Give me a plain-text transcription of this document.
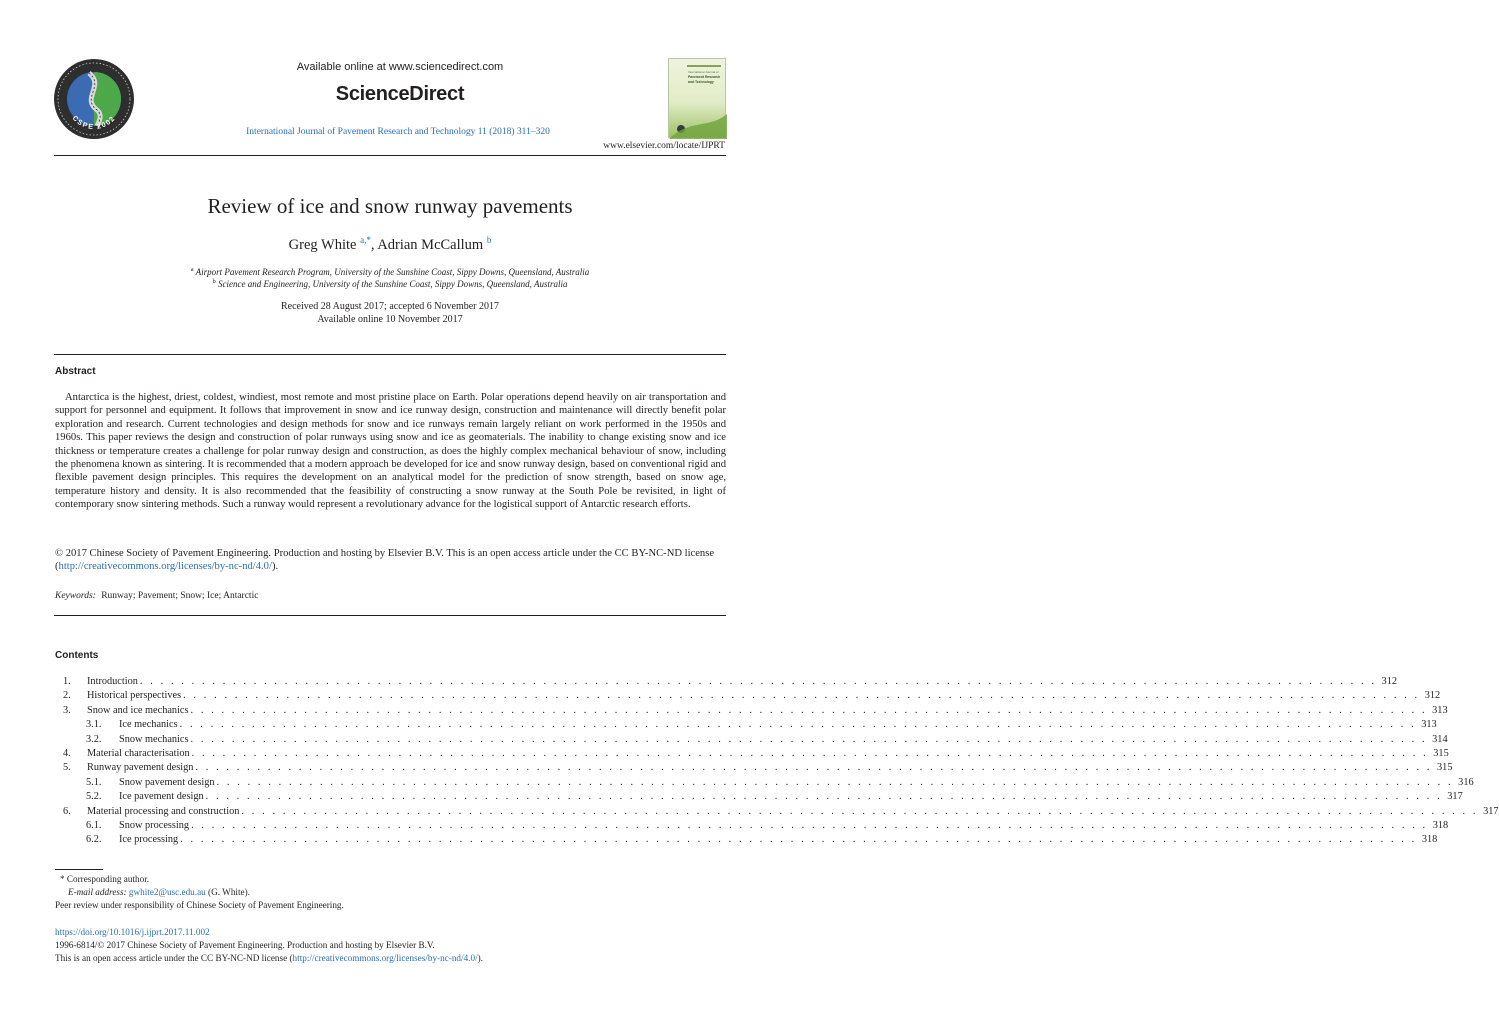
CSPE 2002
Available online at www.sciencedirect.com
ScienceDirect
International Journal of Pavement Research and Technology 11 (2018) 311–320
International Journal of
Pavement Research
and Technology
www.elsevier.com/locate/IJPRT
Review of ice and snow runway pavements
Greg White $^{a,*}$, Adrian McCallum $^b$
$^a$ Airport Pavement Research Program, University of the Sunshine Coast, Sippy Downs, Queensland, Australia
$^b$ Science and Engineering, University of the Sunshine Coast, Sippy Downs, Queensland, Australia
Received 28 August 2017; accepted 6 November 2017
Available online 10 November 2017
Abstract
Antarctica is the highest, driest, coldest, windiest, most remote and most pristine place on Earth. Polar operations depend heavily on air transportation and support for personnel and equipment. It follows that improvement in snow and ice runway design, construction and maintenance will directly benefit polar exploration and research. Current technologies and design methods for snow and ice runways remain largely reliant on work performed in the 1950s and 1960s. This paper reviews the design and construction of polar runways using snow and ice as geomaterials. The inability to change existing snow and ice thickness or temperature creates a challenge for polar runway design and construction, as does the highly complex mechanical behaviour of snow, including the phenomena known as sintering. It is recommended that a modern approach be developed for ice and snow runway design, based on conventional rigid and flexible pavement design principles. This requires the development on an analytical model for the prediction of snow strength, based on snow age, temperature history and density. It is also recommended that the feasibility of constructing a snow runway at the South Pole be revisited, in light of contemporary snow sintering methods. Such a runway would represent a revolutionary advance for the logistical support of Antarctic research efforts.
© 2017 Chinese Society of Pavement Engineering. Production and hosting by Elsevier B.V. This is an open access article under the CC BY-NC-ND license (http://creativecommons.org/licenses/by-nc-nd/4.0/).
Keywords: Runway; Pavement; Snow; Ice; Antarctic
Contents
1.	Introduction . . . . . . . . . . . . . . . . . . . . . . . . . . . . . . . . . . . . . . . . . . . . . . . . . . . . . . . . . . . . . . . . . . . . . . . . . . . . . . . . . . . . . . . . . . . . . . . . . . . . . . . . . . . . . . . . . . . . . . . . 312
2.	Historical perspectives . . . . . . . . . . . . . . . . . . . . . . . . . . . . . . . . . . . . . . . . . . . . . . . . . . . . . . . . . . . . . . . . . . . . . . . . . . . . . . . . . . . . . . . . . . . . . . . . . . . . . . . . . . . . . . . . . . . . . . . . 312
3.	Snow and ice mechanics . . . . . . . . . . . . . . . . . . . . . . . . . . . . . . . . . . . . . . . . . . . . . . . . . . . . . . . . . . . . . . . . . . . . . . . . . . . . . . . . . . . . . . . . . . . . . . . . . . . . . . . . . . . . . . . . . . . . . . . . 313
3.1.	Ice mechanics . . . . . . . . . . . . . . . . . . . . . . . . . . . . . . . . . . . . . . . . . . . . . . . . . . . . . . . . . . . . . . . . . . . . . . . . . . . . . . . . . . . . . . . . . . . . . . . . . . . . . . . . . . . . . . . . . . . . . . . . 313
3.2.	Snow mechanics . . . . . . . . . . . . . . . . . . . . . . . . . . . . . . . . . . . . . . . . . . . . . . . . . . . . . . . . . . . . . . . . . . . . . . . . . . . . . . . . . . . . . . . . . . . . . . . . . . . . . . . . . . . . . . . . . . . . . . . . 314
4.	Material characterisation . . . . . . . . . . . . . . . . . . . . . . . . . . . . . . . . . . . . . . . . . . . . . . . . . . . . . . . . . . . . . . . . . . . . . . . . . . . . . . . . . . . . . . . . . . . . . . . . . . . . . . . . . . . . . . . . . . . . . . . . 315
5.	Runway pavement design . . . . . . . . . . . . . . . . . . . . . . . . . . . . . . . . . . . . . . . . . . . . . . . . . . . . . . . . . . . . . . . . . . . . . . . . . . . . . . . . . . . . . . . . . . . . . . . . . . . . . . . . . . . . . . . . . . . . . . . . 315
5.1.	Snow pavement design . . . . . . . . . . . . . . . . . . . . . . . . . . . . . . . . . . . . . . . . . . . . . . . . . . . . . . . . . . . . . . . . . . . . . . . . . . . . . . . . . . . . . . . . . . . . . . . . . . . . . . . . . . . . . . . . . . . . . . . . 316
5.2.	Ice pavement design . . . . . . . . . . . . . . . . . . . . . . . . . . . . . . . . . . . . . . . . . . . . . . . . . . . . . . . . . . . . . . . . . . . . . . . . . . . . . . . . . . . . . . . . . . . . . . . . . . . . . . . . . . . . . . . . . . . . . . . . 317
6.	Material processing and construction . . . . . . . . . . . . . . . . . . . . . . . . . . . . . . . . . . . . . . . . . . . . . . . . . . . . . . . . . . . . . . . . . . . . . . . . . . . . . . . . . . . . . . . . . . . . . . . . . . . . . . . . . . . . . . . . . . . . . . . . 317
6.1.	Snow processing . . . . . . . . . . . . . . . . . . . . . . . . . . . . . . . . . . . . . . . . . . . . . . . . . . . . . . . . . . . . . . . . . . . . . . . . . . . . . . . . . . . . . . . . . . . . . . . . . . . . . . . . . . . . . . . . . . . . . . . . 318
6.2.	Ice processing . . . . . . . . . . . . . . . . . . . . . . . . . . . . . . . . . . . . . . . . . . . . . . . . . . . . . . . . . . . . . . . . . . . . . . . . . . . . . . . . . . . . . . . . . . . . . . . . . . . . . . . . . . . . . . . . . . . . . . . . 318
* Corresponding author.
E-mail address: gwhite2@usc.edu.au (G. White).
Peer review under responsibility of Chinese Society of Pavement Engineering.
https://doi.org/10.1016/j.ijprt.2017.11.002
1996-6814/© 2017 Chinese Society of Pavement Engineering. Production and hosting by Elsevier B.V.
This is an open access article under the CC BY-NC-ND license (http://creativecommons.org/licenses/by-nc-nd/4.0/).
